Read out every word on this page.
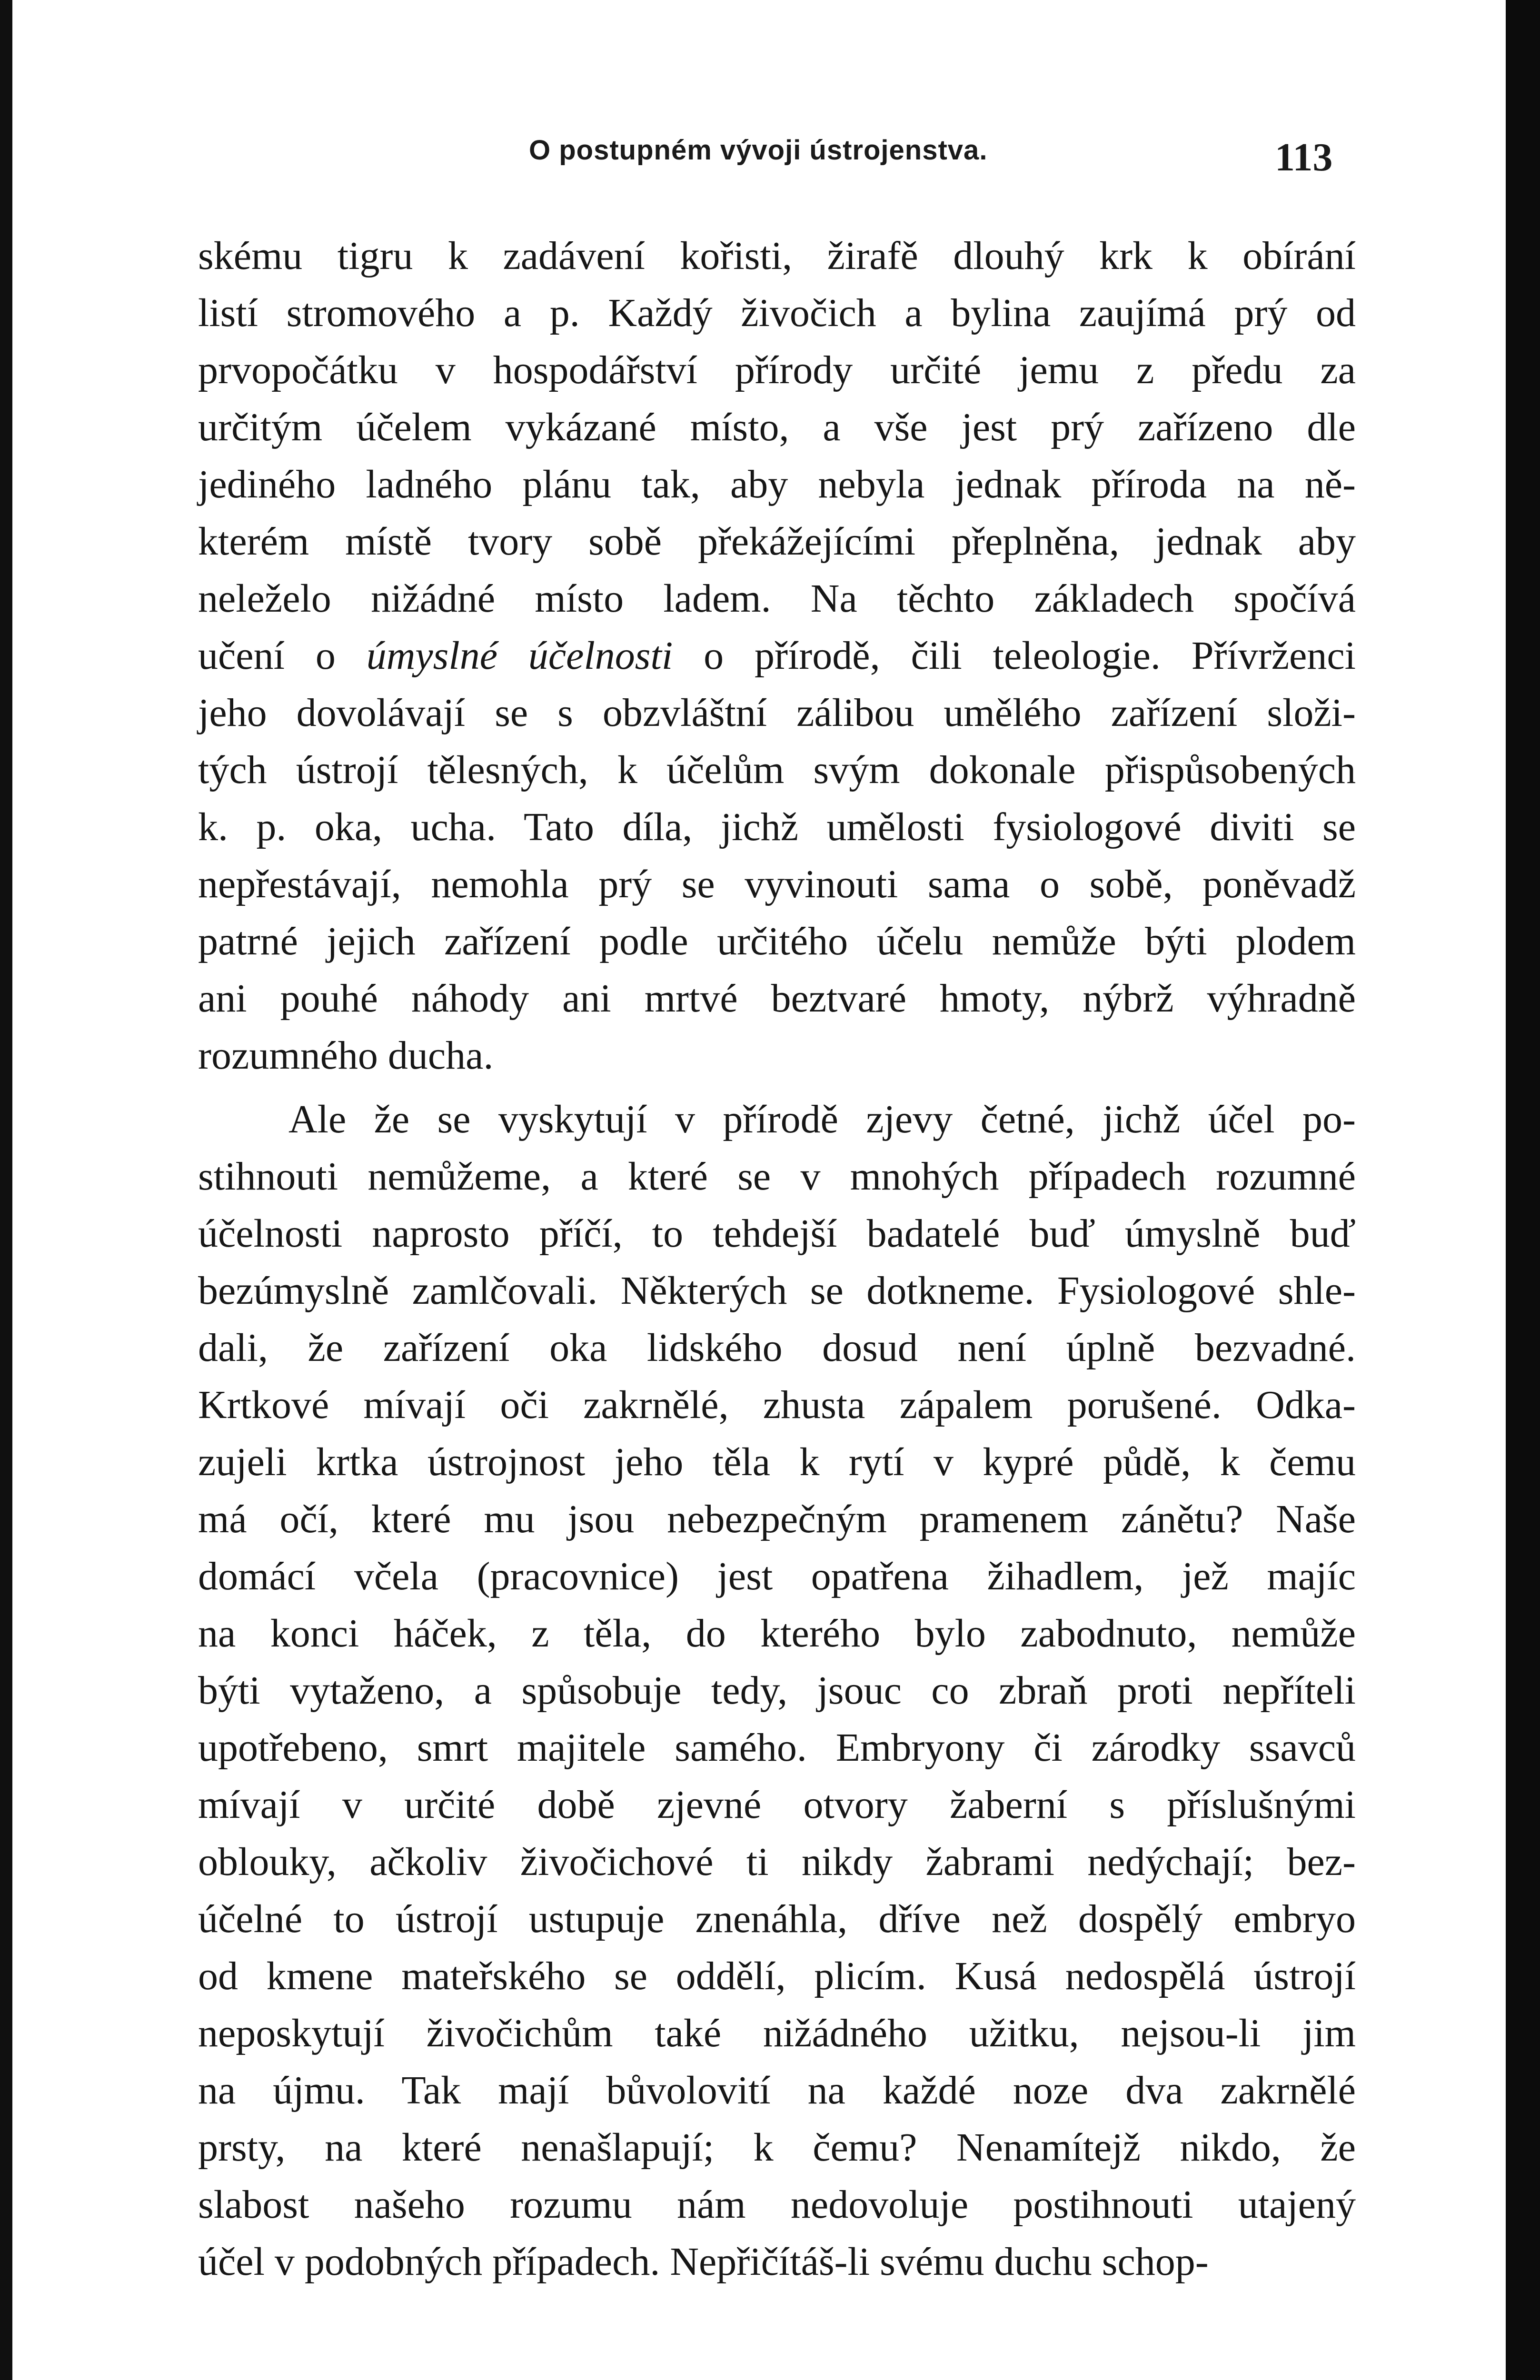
O postupném vývoji ústrojenstva.	113
skému tigru k zadávení kořisti, žirafě dlouhý krk k obírání
listí stromového a p. Každý živočich a bylina zaujímá prý od
prvopočátku v hospodářství přírody určité jemu z předu za
určitým účelem vykázané místo, a vše jest prý zařízeno dle
jediného ladného plánu tak, aby nebyla jednak příroda na ně-
kterém místě tvory sobě překážejícími přeplněna, jednak aby
neleželo nižádné místo ladem. Na těchto základech spočívá
učení o úmyslné účelnosti o přírodě, čili teleologie. Přívrženci
jeho dovolávají se s obzvláštní zálibou umělého zařízení složi-
tých ústrojí tělesných, k účelům svým dokonale přispůsobených
k. p. oka, ucha. Tato díla, jichž umělosti fysiologové diviti se
nepřestávají, nemohla prý se vyvinouti sama o sobě, poněvadž
patrné jejich zařízení podle určitého účelu nemůže býti plodem
ani pouhé náhody ani mrtvé beztvaré hmoty, nýbrž výhradně
rozumného ducha.
Ale že se vyskytují v přírodě zjevy četné, jichž účel po-
stihnouti nemůžeme, a které se v mnohých případech rozumné
účelnosti naprosto příčí, to tehdejší badatelé buď úmyslně buď
bezúmyslně zamlčovali. Některých se dotkneme. Fysiologové shle-
dali, že zařízení oka lidského dosud není úplně bezvadné.
Krtkové mívají oči zakrnělé, zhusta zápalem porušené. Odka-
zujeli krtka ústrojnost jeho těla k rytí v kypré půdě, k čemu
má očí, které mu jsou nebezpečným pramenem zánětu? Naše
domácí včela (pracovnice) jest opatřena žihadlem, jež majíc
na konci háček, z těla, do kterého bylo zabodnuto, nemůže
býti vytaženo, a spůsobuje tedy, jsouc co zbraň proti nepříteli
upotřebeno, smrt majitele samého. Embryony či zárodky ssavců
mívají v určité době zjevné otvory žaberní s příslušnými
oblouky, ačkoliv živočichové ti nikdy žabrami nedýchají; bez-
účelné to ústrojí ustupuje znenáhla, dříve než dospělý embryo
od kmene mateřského se oddělí, plicím. Kusá nedospělá ústrojí
neposkytují živočichům také nižádného užitku, nejsou-li jim
na újmu. Tak mají bůvolovití na každé noze dva zakrnělé
prsty, na které nenašlapují; k čemu? Nenamítejž nikdo, že
slabost našeho rozumu nám nedovoluje postihnouti utajený
účel v podobných případech. Nepřičítáš-li svému duchu schop-
